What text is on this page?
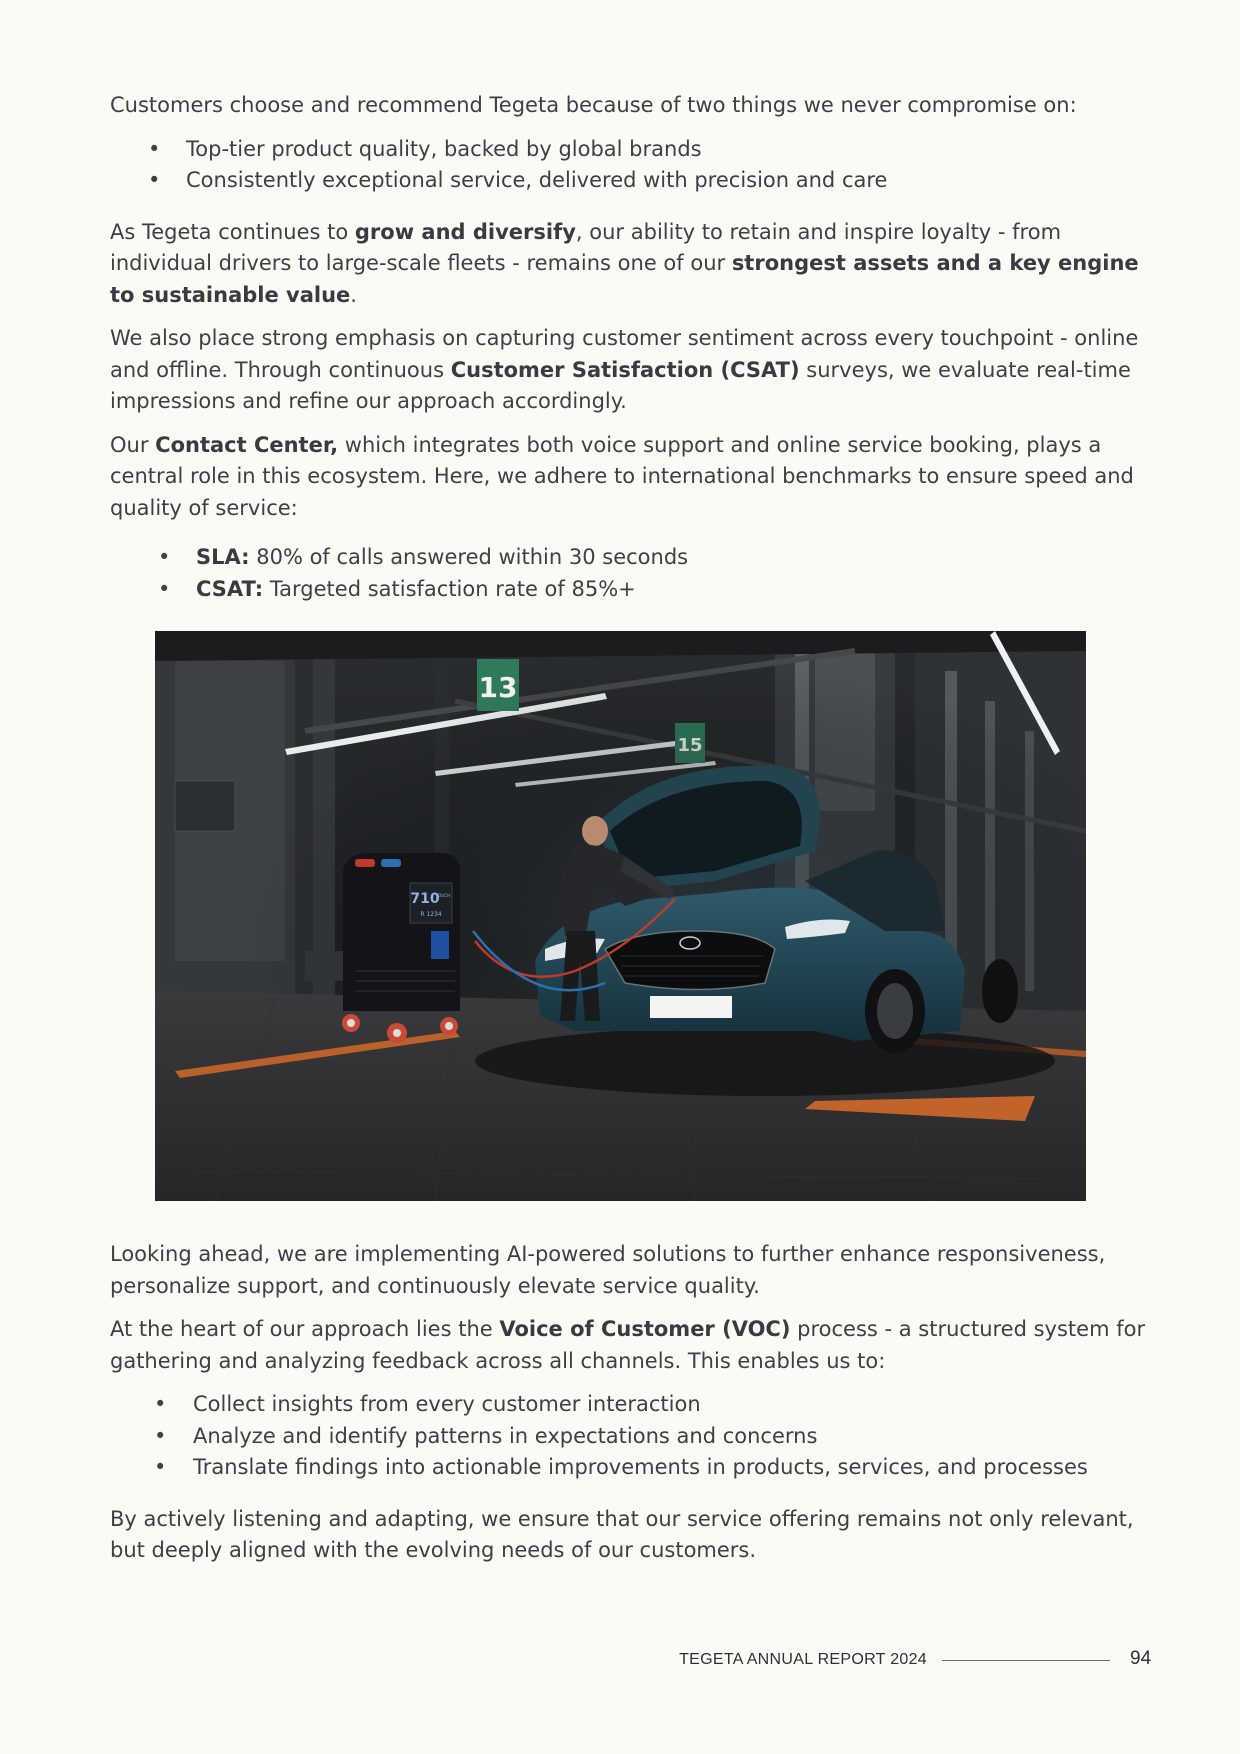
Customers choose and recommend Tegeta because of two things we never compromise on:

• Top-tier product quality, backed by global brands
• Consistently exceptional service, delivered with precision and care

As Tegeta continues to grow and diversify, our ability to retain and inspire loyalty - from individual drivers to large-scale fleets - remains one of our strongest assets and a key engine to sustainable value.

We also place strong emphasis on capturing customer sentiment across every touchpoint - online and offline. Through continuous Customer Satisfaction (CSAT) surveys, we evaluate real-time impressions and refine our approach accordingly.

Our Contact Center, which integrates both voice support and online service booking, plays a central role in this ecosystem. Here, we adhere to international benchmarks to ensure speed and quality of service:

• SLA: 80% of calls answered within 30 seconds
• CSAT: Targeted satisfaction rate of 85%+
710
TOUCH
R 1234

Looking ahead, we are implementing AI-powered solutions to further enhance responsiveness, personalize support, and continuously elevate service quality.

At the heart of our approach lies the Voice of Customer (VOC) process - a structured system for gathering and analyzing feedback across all channels. This enables us to:

• Collect insights from every customer interaction
• Analyze and identify patterns in expectations and concerns
• Translate findings into actionable improvements in products, services, and processes

By actively listening and adapting, we ensure that our service offering remains not only relevant, but deeply aligned with the evolving needs of our customers.

TEGETA ANNUAL REPORT 2024	94
